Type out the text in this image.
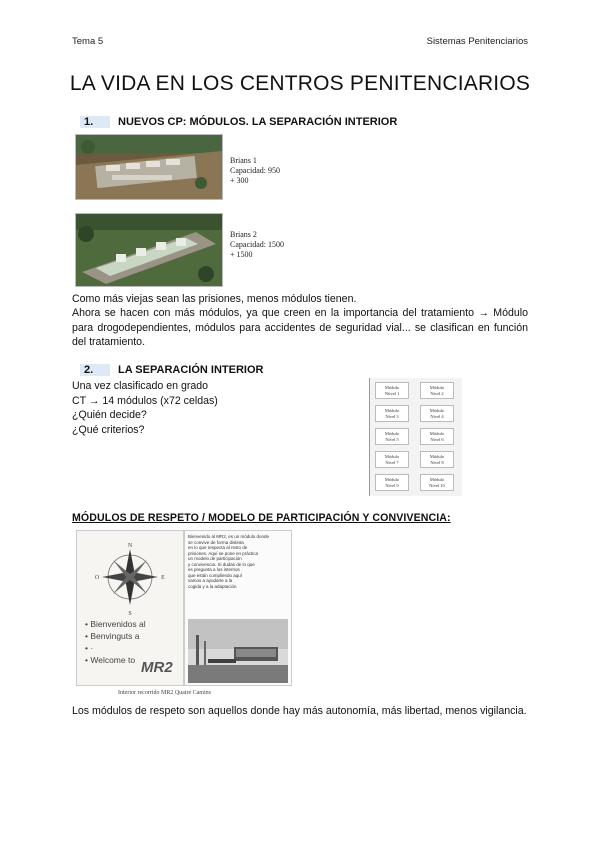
Tema 5	Sistemas Penitenciarios
LA VIDA EN LOS CENTROS PENITENCIARIOS
1.	NUEVOS CP: MÓDULOS. LA SEPARACIÓN INTERIOR
Brians 1
Capacidad: 950
+ 300
Brians 2
Capacidad: 1500
+ 1500
Como más viejas sean las prisiones, menos módulos tienen.
Ahora se hacen con más módulos, ya que creen en la importancia del tratamiento → Módulo para drogodependientes, módulos para accidentes de seguridad vial... se clasifican en función del tratamiento.
2.	LA SEPARACIÓN INTERIOR
Una vez clasificado en grado
CT → 14 módulos (x72 celdas)
¿Quién decide?
¿Qué criterios?
Módulo
Niivel 1
Módulo
Nivel 2
Módulo
Nivel 3
Módulo
Nivel 4
Módulo
Nivel 5
Módulo
Nivel 6
Módulo
Nivel 7
Módulo
Nivel 8
Módulo
Nivel 9
Módulo
Nivel 10
MÓDULOS DE RESPETO / MODELO DE PARTICIPACIÓN Y CONVIVENCIA:
N
S
O	E
• Bienvenidos al
• Benvinguts a
• ·
• Welcome to MR2
Bienvenido al MR2, es un módulo donde
se convive de forma distinta
en lo que respecta al resto de
prisiones. Aquí se pone en práctica
un modelo de participación
y convivencia. Si dudas de lo que
es pregunta a los internos
que están cumpliendo aquí
vamos a ayudarte a la
cogida y a la adaptación
Interior recorrido MR2 Quatre Camins
Los módulos de respeto son aquellos donde hay más autonomía, más libertad, menos vigilancia.
